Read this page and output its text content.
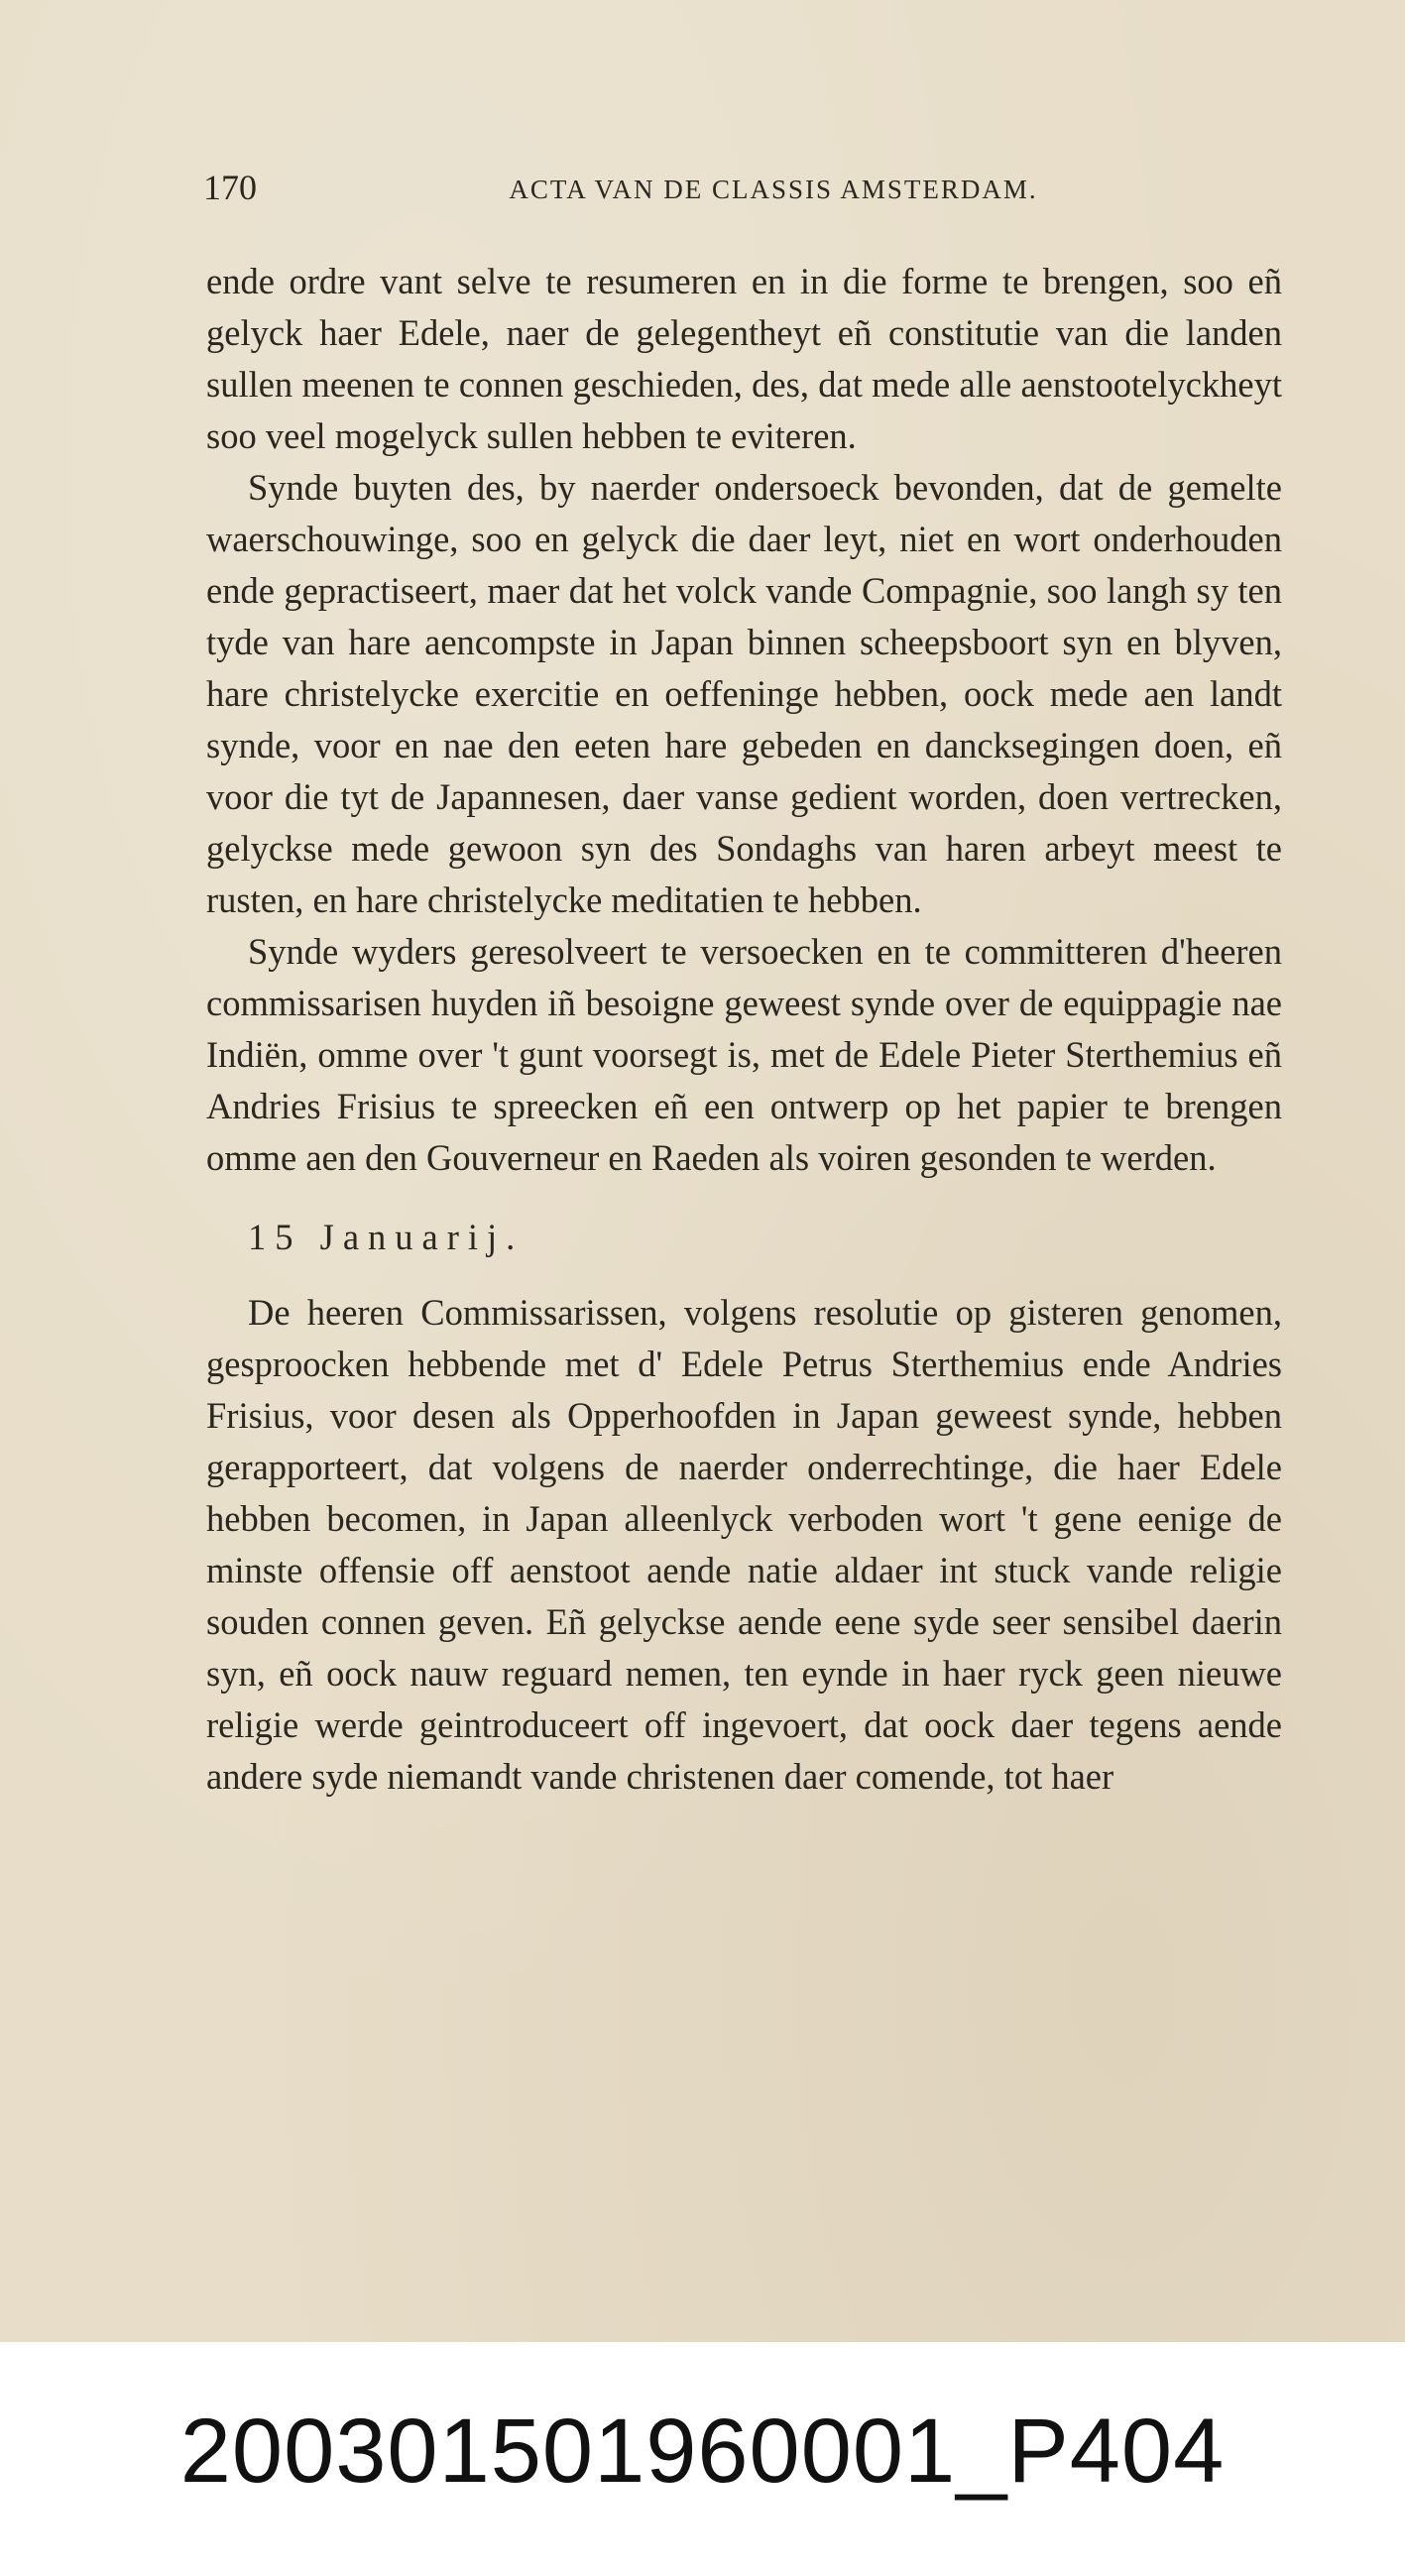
170	ACTA VAN DE CLASSIS AMSTERDAM.

ende ordre vant selve te resumeren en in die forme te brengen, soo eñ gelyck haer Edele, naer de gelegentheyt eñ constitutie van die landen sullen meenen te connen geschieden, des, dat mede alle aenstootelyckheyt soo veel mogelyck sullen hebben te eviteren.

Synde buyten des, by naerder ondersoeck bevonden, dat de gemelte waerschouwinge, soo en gelyck die daer leyt, niet en wort onderhouden ende gepractiseert, maer dat het volck vande Compagnie, soo langh sy ten tyde van hare aencompste in Japan binnen scheepsboort syn en blyven, hare christelycke exercitie en oeffeninge hebben, oock mede aen landt synde, voor en nae den eeten hare gebeden en dancksegingen doen, eñ voor die tyt de Japannesen, daer vanse gedient worden, doen vertrecken, gelyckse mede gewoon syn des Sondaghs van haren arbeyt meest te rusten, en hare christelycke meditatien te hebben.

Synde wyders geresolveert te versoecken en te committeren d'heeren commissarisen huyden iñ besoigne geweest synde over de equippagie nae Indiën, omme over 't gunt voorsegt is, met de Edele Pieter Sterthemius eñ Andries Frisius te spreecken eñ een ontwerp op het papier te brengen omme aen den Gouverneur en Raeden als voiren gesonden te werden.

15 Januarij.

De heeren Commissarissen, volgens resolutie op gisteren genomen, gesproocken hebbende met d' Edele Petrus Sterthemius ende Andries Frisius, voor desen als Opperhoofden in Japan geweest synde, hebben gerapporteert, dat volgens de naerder onderrechtinge, die haer Edele hebben becomen, in Japan alleenlyck verboden wort 't gene eenige de minste offensie off aenstoot aende natie aldaer int stuck vande religie souden connen geven. Eñ gelyckse aende eene syde seer sensibel daerin syn, eñ oock nauw reguard nemen, ten eynde in haer ryck geen nieuwe religie werde geintroduceert off ingevoert, dat oock daer tegens aende andere syde niemandt vande christenen daer comende, tot haer

20030150196000​1_P404
